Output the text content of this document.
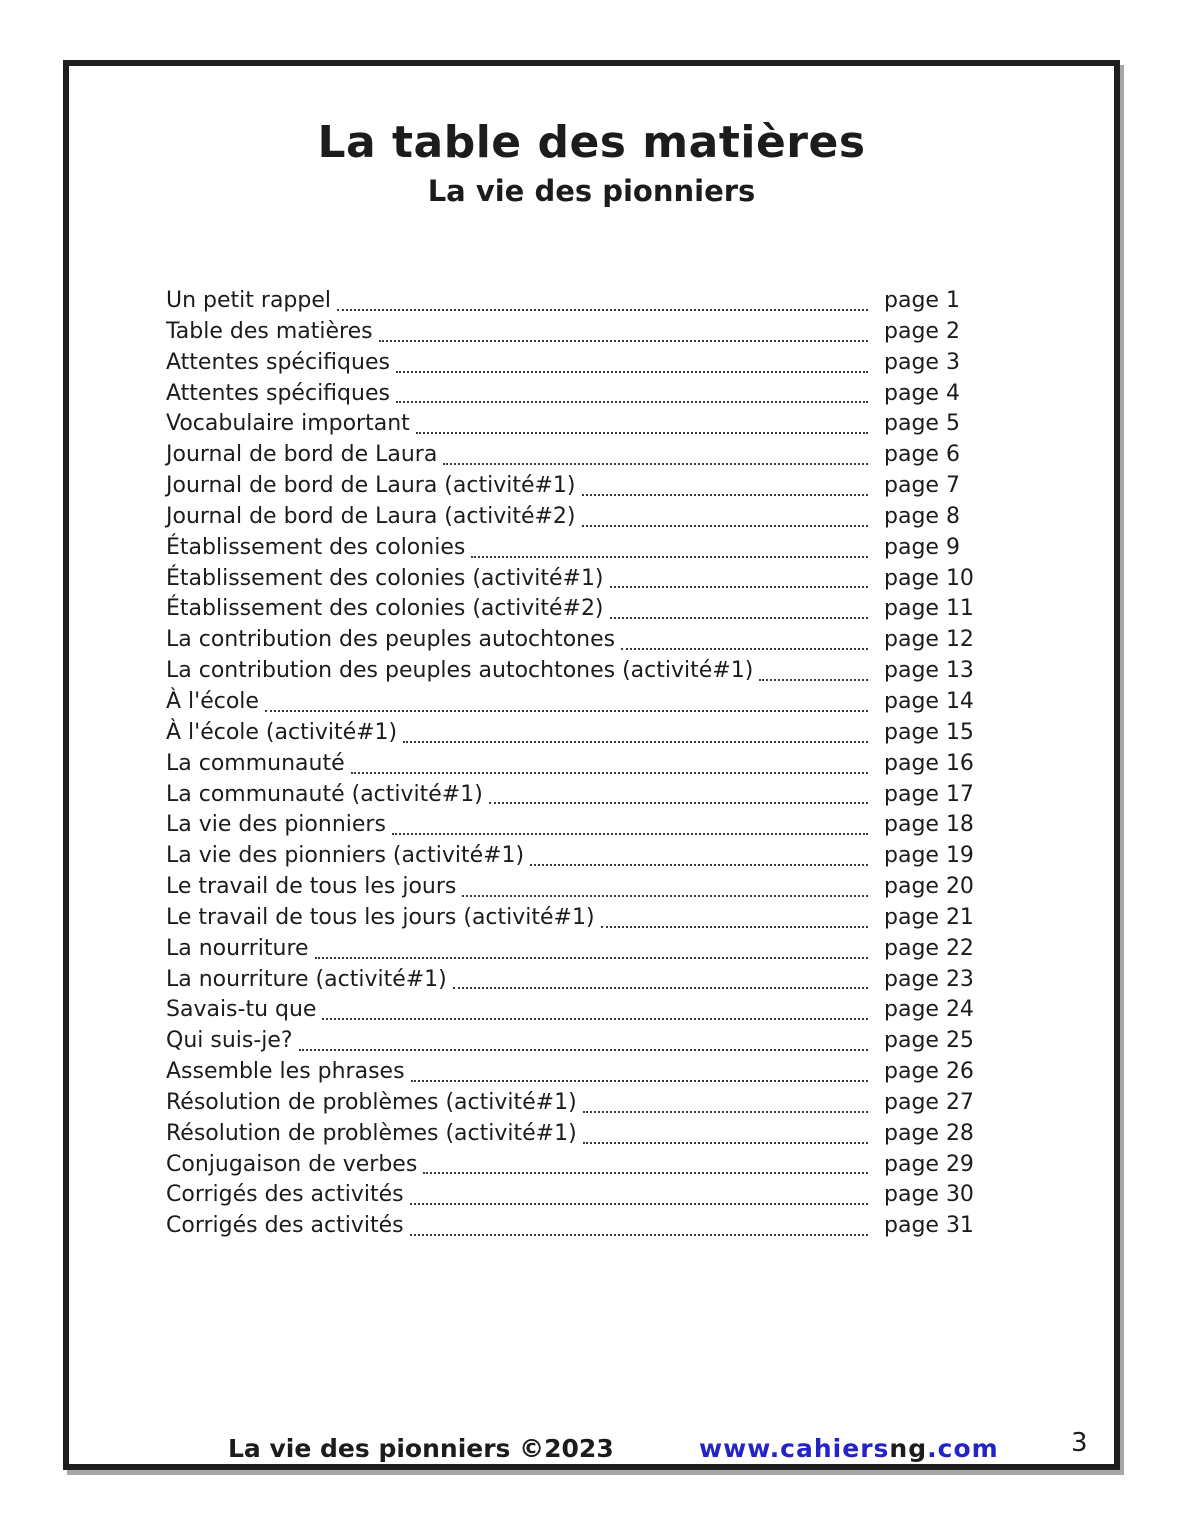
La table des matières
La vie des pionniers
Un petit rappel	page 1
Table des matières	page 2
Attentes spécifiques	page 3
Attentes spécifiques	page 4
Vocabulaire important	page 5
Journal de bord de Laura	page 6
Journal de bord de Laura (activité#1)	page 7
Journal de bord de Laura (activité#2)	page 8
Établissement des colonies	page 9
Établissement des colonies (activité#1)	page 10
Établissement des colonies (activité#2)	page 11
La contribution des peuples autochtones	page 12
La contribution des peuples autochtones (activité#1)	page 13
À l'école	page 14
À l'école (activité#1)	page 15
La communauté	page 16
La communauté (activité#1)	page 17
La vie des pionniers	page 18
La vie des pionniers (activité#1)	page 19
Le travail de tous les jours	page 20
Le travail de tous les jours (activité#1)	page 21
La nourriture	page 22
La nourriture (activité#1)	page 23
Savais-tu que	page 24
Qui suis-je?	page 25
Assemble les phrases	page 26
Résolution de problèmes (activité#1)	page 27
Résolution de problèmes (activité#1)	page 28
Conjugaison de verbes	page 29
Corrigés des activités	page 30
Corrigés des activités	page 31
La vie des pionniers ©2023	www.cahiersng.com	3
